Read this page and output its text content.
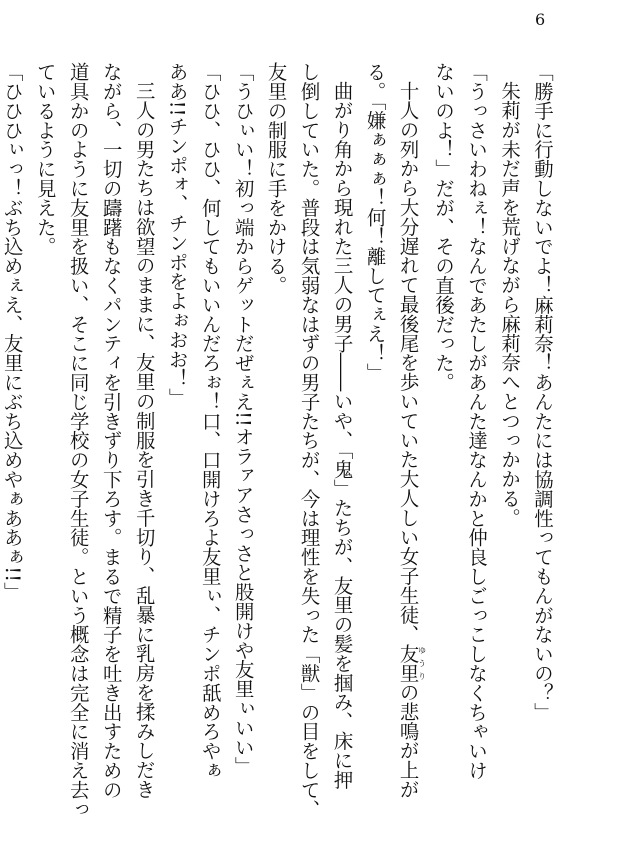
6

「勝手に行動しないでよ！麻莉奈！あんたには協調性ってもんがないの？」

朱莉が未だ声を荒げながら麻莉奈へとつっかかる。

「うっさいわねぇ！なんであたしがあんた達なんかと仲良しごっこしなくちゃいけ

ないのよ！」だが、その直後だった。

十人の列から大分遅れて最後尾を歩いていた大人しい女子生徒、友里ゆうりの悲鳴が上が

る。「嫌ぁぁぁ！何！離してぇえ！」

曲がり角から現れた三人の男子――いや、「鬼」たちが、友里の髪を掴み、床に押

し倒していた。普段は気弱なはずの男子たちが、今は理性を失った「獣」の目をして、

友里の制服に手をかける。

「うひぃい！初っ端からゲットだぜぇえ!!オラァアさっさと股開けや友里ぃいい」

「ひひ、ひひ、何してもいいんだろぉ！口、口開けろよ友里ぃ、チンポ舐めろやぁ

ああ!!チンポォ、チンポをよぉおお！」

三人の男たちは欲望のままに、友里の制服を引き千切り、乱暴に乳房を揉みしだき

ながら、一切の躊躇もなくパンティを引きずり下ろす。まるで精子を吐き出すための

道具かのように友里を扱い、そこに同じ学校の女子生徒。という概念は完全に消え去っ

ているように見えた。

「ひひひぃっ！ぶち込めぇえ、友里にぶち込めやぁああぁ!!」
